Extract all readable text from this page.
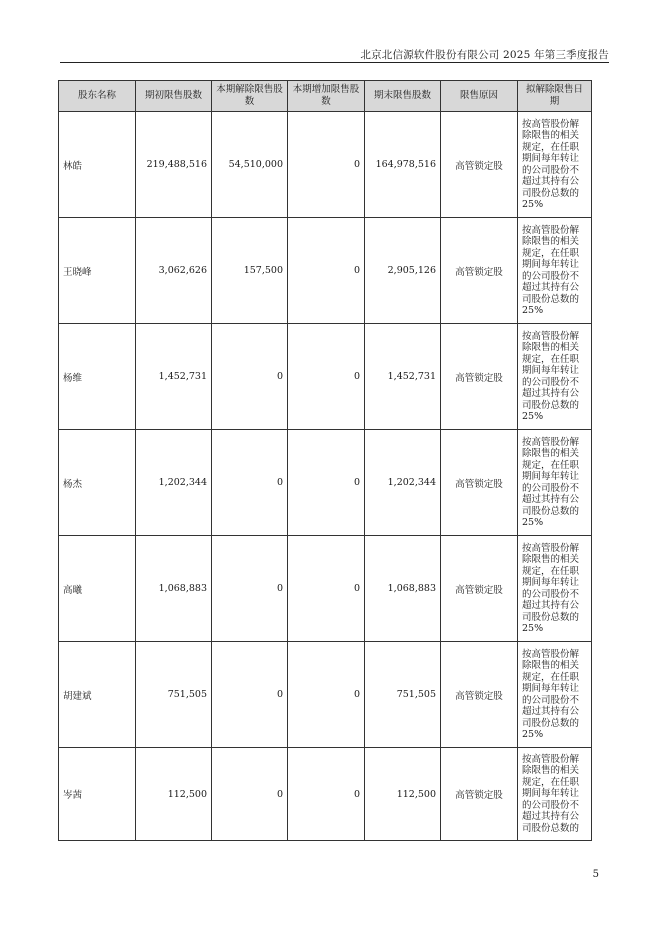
北京北信源软件股份有限公司 2025 年第三季度报告
股东名称	期初限售股数	本期解除限售股数	本期增加限售股数	期末限售股数	限售原因	拟解除限售日期
林皓	219,488,516	54,510,000	0	164,978,516	高管锁定股	按高管股份解除限售的相关规定，在任职期间每年转让的公司股份不超过其持有公司股份总数的25%
王晓峰	3,062,626	157,500	0	2,905,126	高管锁定股	按高管股份解除限售的相关规定，在任职期间每年转让的公司股份不超过其持有公司股份总数的25%
杨维	1,452,731	0	0	1,452,731	高管锁定股	按高管股份解除限售的相关规定，在任职期间每年转让的公司股份不超过其持有公司股份总数的25%
杨杰	1,202,344	0	0	1,202,344	高管锁定股	按高管股份解除限售的相关规定，在任职期间每年转让的公司股份不超过其持有公司股份总数的25%
高曦	1,068,883	0	0	1,068,883	高管锁定股	按高管股份解除限售的相关规定，在任职期间每年转让的公司股份不超过其持有公司股份总数的25%
胡建斌	751,505	0	0	751,505	高管锁定股	按高管股份解除限售的相关规定，在任职期间每年转让的公司股份不超过其持有公司股份总数的25%
岑茜	112,500	0	0	112,500	高管锁定股	按高管股份解除限售的相关规定，在任职期间每年转让的公司股份不超过其持有公司股份总数的
5
